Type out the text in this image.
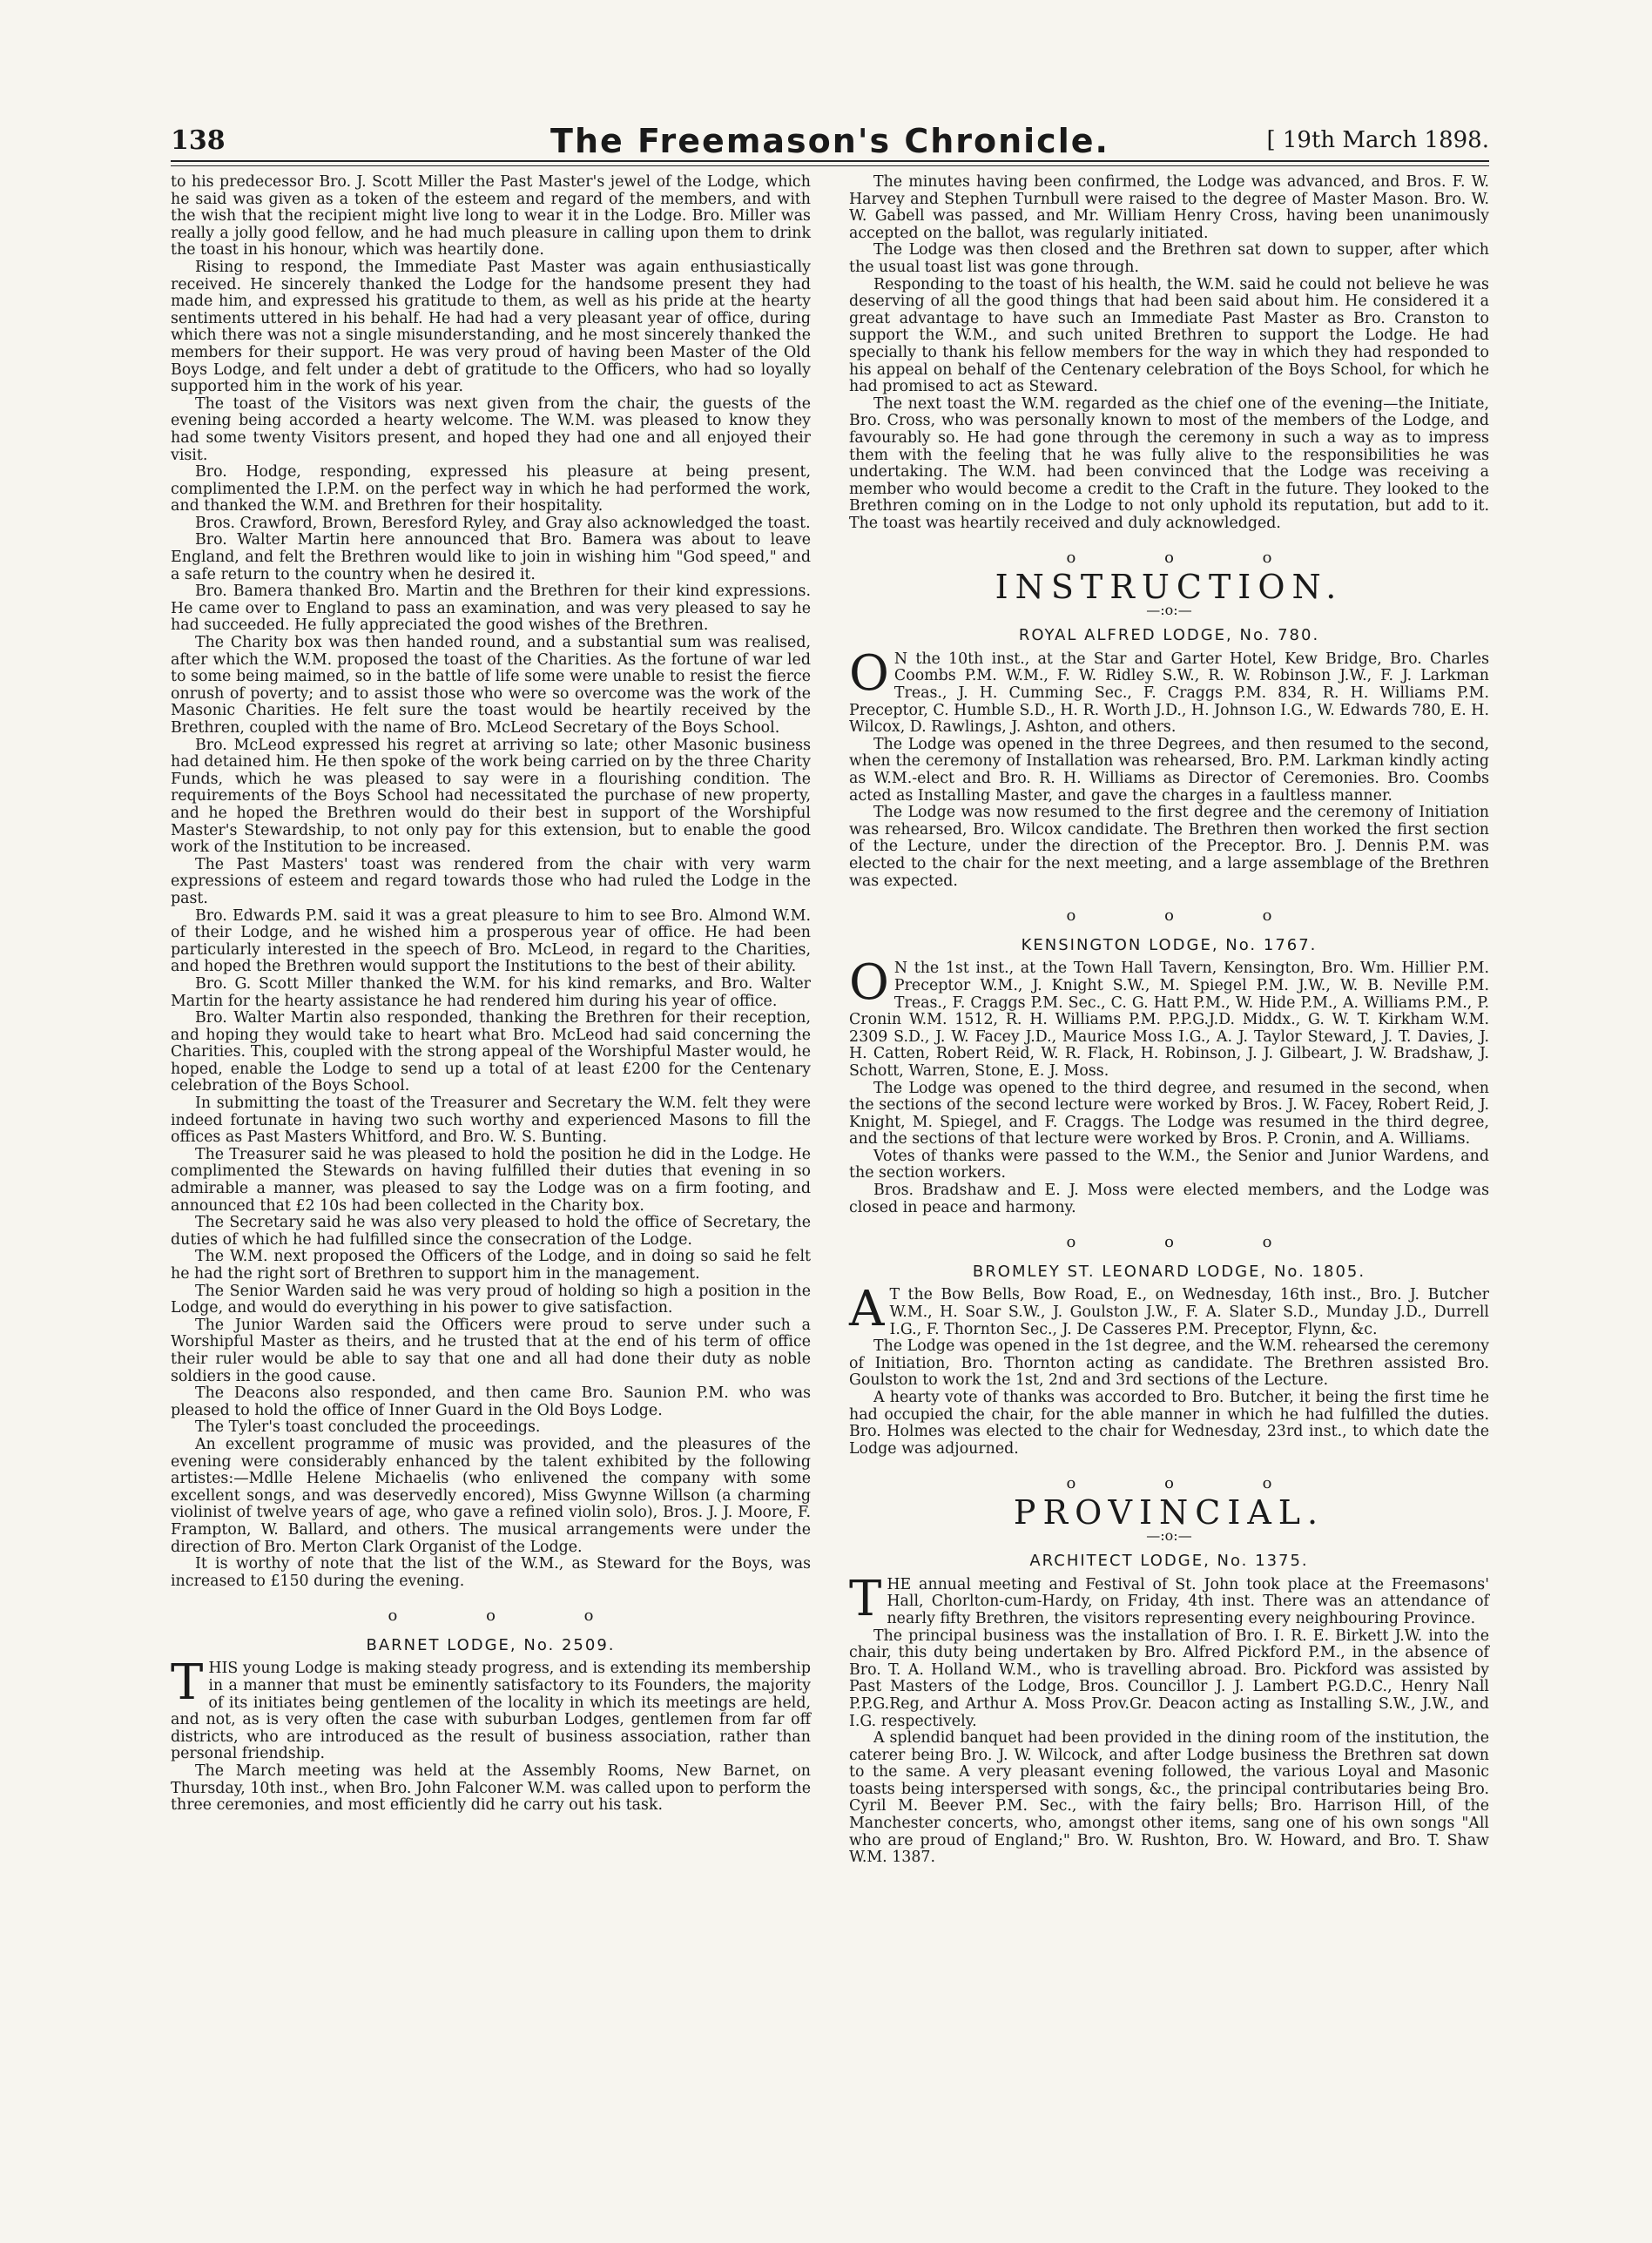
138	The Freemason's Chronicle.	[ 19th March 1898.

to his predecessor Bro. J. Scott Miller the Past Master's jewel of the Lodge, which he said was given as a token of the esteem and regard of the members, and with the wish that the recipient might live long to wear it in the Lodge. Bro. Miller was really a jolly good fellow, and he had much pleasure in calling upon them to drink the toast in his honour, which was heartily done.

Rising to respond, the Immediate Past Master was again enthusiastically received. He sincerely thanked the Lodge for the handsome present they had made him, and expressed his gratitude to them, as well as his pride at the hearty sentiments uttered in his behalf. He had had a very pleasant year of office, during which there was not a single misunderstanding, and he most sincerely thanked the members for their support. He was very proud of having been Master of the Old Boys Lodge, and felt under a debt of gratitude to the Officers, who had so loyally supported him in the work of his year.

The toast of the Visitors was next given from the chair, the guests of the evening being accorded a hearty welcome. The W.M. was pleased to know they had some twenty Visitors present, and hoped they had one and all enjoyed their visit.

Bro. Hodge, responding, expressed his pleasure at being present, complimented the I.P.M. on the perfect way in which he had performed the work, and thanked the W.M. and Brethren for their hospitality.

Bros. Crawford, Brown, Beresford Ryley, and Gray also acknowledged the toast.

Bro. Walter Martin here announced that Bro. Bamera was about to leave England, and felt the Brethren would like to join in wishing him "God speed," and a safe return to the country when he desired it.

Bro. Bamera thanked Bro. Martin and the Brethren for their kind expressions. He came over to England to pass an examination, and was very pleased to say he had succeeded. He fully appreciated the good wishes of the Brethren.

The Charity box was then handed round, and a substantial sum was realised, after which the W.M. proposed the toast of the Charities. As the fortune of war led to some being maimed, so in the battle of life some were unable to resist the fierce onrush of poverty; and to assist those who were so overcome was the work of the Masonic Charities. He felt sure the toast would be heartily received by the Brethren, coupled with the name of Bro. McLeod Secretary of the Boys School.

Bro. McLeod expressed his regret at arriving so late; other Masonic business had detained him. He then spoke of the work being carried on by the three Charity Funds, which he was pleased to say were in a flourishing condition. The requirements of the Boys School had necessitated the purchase of new property, and he hoped the Brethren would do their best in support of the Worshipful Master's Stewardship, to not only pay for this extension, but to enable the good work of the Institution to be increased.

The Past Masters' toast was rendered from the chair with very warm expressions of esteem and regard towards those who had ruled the Lodge in the past.

Bro. Edwards P.M. said it was a great pleasure to him to see Bro. Almond W.M. of their Lodge, and he wished him a prosperous year of office. He had been particularly interested in the speech of Bro. McLeod, in regard to the Charities, and hoped the Brethren would support the Institutions to the best of their ability.

Bro. G. Scott Miller thanked the W.M. for his kind remarks, and Bro. Walter Martin for the hearty assistance he had rendered him during his year of office.

Bro. Walter Martin also responded, thanking the Brethren for their reception, and hoping they would take to heart what Bro. McLeod had said concerning the Charities. This, coupled with the strong appeal of the Worshipful Master would, he hoped, enable the Lodge to send up a total of at least £200 for the Centenary celebration of the Boys School.

In submitting the toast of the Treasurer and Secretary the W.M. felt they were indeed fortunate in having two such worthy and experienced Masons to fill the offices as Past Masters Whitford, and Bro. W. S. Bunting.

The Treasurer said he was pleased to hold the position he did in the Lodge. He complimented the Stewards on having fulfilled their duties that evening in so admirable a manner, was pleased to say the Lodge was on a firm footing, and announced that £2 10s had been collected in the Charity box.

The Secretary said he was also very pleased to hold the office of Secretary, the duties of which he had fulfilled since the consecration of the Lodge.

The W.M. next proposed the Officers of the Lodge, and in doing so said he felt he had the right sort of Brethren to support him in the management.

The Senior Warden said he was very proud of holding so high a position in the Lodge, and would do everything in his power to give satisfaction.

The Junior Warden said the Officers were proud to serve under such a Worshipful Master as theirs, and he trusted that at the end of his term of office their ruler would be able to say that one and all had done their duty as noble soldiers in the good cause.

The Deacons also responded, and then came Bro. Saunion P.M. who was pleased to hold the office of Inner Guard in the Old Boys Lodge.

The Tyler's toast concluded the proceedings.

An excellent programme of music was provided, and the pleasures of the evening were considerably enhanced by the talent exhibited by the following artistes:—Mdlle Helene Michaelis (who enlivened the company with some excellent songs, and was deservedly encored), Miss Gwynne Willson (a charming violinist of twelve years of age, who gave a refined violin solo), Bros. J. J. Moore, F. Frampton, W. Ballard, and others. The musical arrangements were under the direction of Bro. Merton Clark Organist of the Lodge.

It is worthy of note that the list of the W.M., as Steward for the Boys, was increased to £150 during the evening.

o o o
BARNET LODGE, No. 2509.

THIS young Lodge is making steady progress, and is extending its membership in a manner that must be eminently satisfactory to its Founders, the majority of its initiates being gentlemen of the locality in which its meetings are held, and not, as is very often the case with suburban Lodges, gentlemen from far off districts, who are introduced as the result of business association, rather than personal friendship.

The March meeting was held at the Assembly Rooms, New Barnet, on Thursday, 10th inst., when Bro. John Falconer W.M. was called upon to perform the three ceremonies, and most efficiently did he carry out his task.

The minutes having been confirmed, the Lodge was advanced, and Bros. F. W. Harvey and Stephen Turnbull were raised to the degree of Master Mason. Bro. W. W. Gabell was passed, and Mr. William Henry Cross, having been unanimously accepted on the ballot, was regularly initiated.

The Lodge was then closed and the Brethren sat down to supper, after which the usual toast list was gone through.

Responding to the toast of his health, the W.M. said he could not believe he was deserving of all the good things that had been said about him. He considered it a great advantage to have such an Immediate Past Master as Bro. Cranston to support the W.M., and such united Brethren to support the Lodge. He had specially to thank his fellow members for the way in which they had responded to his appeal on behalf of the Centenary celebration of the Boys School, for which he had promised to act as Steward.

The next toast the W.M. regarded as the chief one of the evening—the Initiate, Bro. Cross, who was personally known to most of the members of the Lodge, and favourably so. He had gone through the ceremony in such a way as to impress them with the feeling that he was fully alive to the responsibilities he was undertaking. The W.M. had been convinced that the Lodge was receiving a member who would become a credit to the Craft in the future. They looked to the Brethren coming on in the Lodge to not only uphold its reputation, but add to it. The toast was heartily received and duly acknowledged.

o o o
INSTRUCTION.
—:o:—
ROYAL ALFRED LODGE, No. 780.

O N the 10th inst., at the Star and Garter Hotel, Kew Bridge, Bro. Charles Coombs P.M. W.M., F. W. Ridley S.W., R. W. Robinson J.W., F. J. Larkman Treas., J. H. Cumming Sec., F. Craggs P.M. 834, R. H. Williams P.M. Preceptor, C. Humble S.D., H. R. Worth J.D., H. Johnson I.G., W. Edwards 780, E. H. Wilcox, D. Rawlings, J. Ashton, and others.

The Lodge was opened in the three Degrees, and then resumed to the second, when the ceremony of Installation was rehearsed, Bro. P.M. Larkman kindly acting as W.M.-elect and Bro. R. H. Williams as Director of Ceremonies. Bro. Coombs acted as Installing Master, and gave the charges in a faultless manner.

The Lodge was now resumed to the first degree and the ceremony of Initiation was rehearsed, Bro. Wilcox candidate. The Brethren then worked the first section of the Lecture, under the direction of the Preceptor. Bro. J. Dennis P.M. was elected to the chair for the next meeting, and a large assemblage of the Brethren was expected.

o o o
KENSINGTON LODGE, No. 1767.

O N the 1st inst., at the Town Hall Tavern, Kensington, Bro. Wm. Hillier P.M. Preceptor W.M., J. Knight S.W., M. Spiegel P.M. J.W., W. B. Neville P.M. Treas., F. Craggs P.M. Sec., C. G. Hatt P.M., W. Hide P.M., A. Williams P.M., P. Cronin W.M. 1512, R. H. Williams P.M. P.P.G.J.D. Middx., G. W. T. Kirkham W.M. 2309 S.D., J. W. Facey J.D., Maurice Moss I.G., A. J. Taylor Steward, J. T. Davies, J. H. Catten, Robert Reid, W. R. Flack, H. Robinson, J. J. Gilbeart, J. W. Bradshaw, J. Schott, Warren, Stone, E. J. Moss.

The Lodge was opened to the third degree, and resumed in the second, when the sections of the second lecture were worked by Bros. J. W. Facey, Robert Reid, J. Knight, M. Spiegel, and F. Craggs. The Lodge was resumed in the third degree, and the sections of that lecture were worked by Bros. P. Cronin, and A. Williams.

Votes of thanks were passed to the W.M., the Senior and Junior Wardens, and the section workers.

Bros. Bradshaw and E. J. Moss were elected members, and the Lodge was closed in peace and harmony.

o o o
BROMLEY ST. LEONARD LODGE, No. 1805.

A T the Bow Bells, Bow Road, E., on Wednesday, 16th inst., Bro. J. Butcher W.M., H. Soar S.W., J. Goulston J.W., F. A. Slater S.D., Munday J.D., Durrell I.G., F. Thornton Sec., J. De Casseres P.M. Preceptor, Flynn, &c.

The Lodge was opened in the 1st degree, and the W.M. rehearsed the ceremony of Initiation, Bro. Thornton acting as candidate. The Brethren assisted Bro. Goulston to work the 1st, 2nd and 3rd sections of the Lecture.

A hearty vote of thanks was accorded to Bro. Butcher, it being the first time he had occupied the chair, for the able manner in which he had fulfilled the duties. Bro. Holmes was elected to the chair for Wednesday, 23rd inst., to which date the Lodge was adjourned.

o o o
PROVINCIAL.
—:o:—
ARCHITECT LODGE, No. 1375.

THE annual meeting and Festival of St. John took place at the Freemasons' Hall, Chorlton-cum-Hardy, on Friday, 4th inst. There was an attendance of nearly fifty Brethren, the visitors representing every neighbouring Province.

The principal business was the installation of Bro. I. R. E. Birkett J.W. into the chair, this duty being undertaken by Bro. Alfred Pickford P.M., in the absence of Bro. T. A. Holland W.M., who is travelling abroad. Bro. Pickford was assisted by Past Masters of the Lodge, Bros. Councillor J. J. Lambert P.G.D.C., Henry Nall P.P.G.Reg, and Arthur A. Moss Prov.Gr. Deacon acting as Installing S.W., J.W., and I.G. respectively.

A splendid banquet had been provided in the dining room of the institution, the caterer being Bro. J. W. Wilcock, and after Lodge business the Brethren sat down to the same. A very pleasant evening followed, the various Loyal and Masonic toasts being interspersed with songs, &c., the principal contributaries being Bro. Cyril M. Beever P.M. Sec., with the fairy bells; Bro. Harrison Hill, of the Manchester concerts, who, amongst other items, sang one of his own songs "All who are proud of England;" Bro. W. Rushton, Bro. W. Howard, and Bro. T. Shaw W.M. 1387.
